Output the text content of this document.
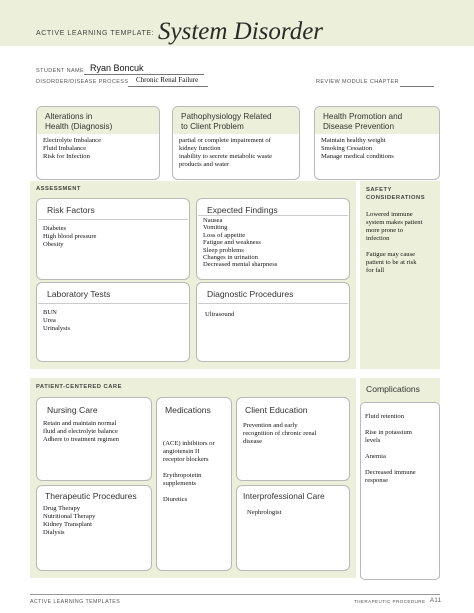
ACTIVE LEARNING TEMPLATE: System Disorder
STUDENT NAME Ryan Boncuk
DISORDER/DISEASE PROCESS Chronic Renal Failure	REVIEW MODULE CHAPTER
Alterations in
Health (Diagnosis)
Electrolyte Imbalance
Fluid Imbalance
Risk for Infection
Pathophysiology Related
to Client Problem
partial or complete impairement of
kidney function
inability to secrete metabolic waste
products and water
Health Promotion and
Disease Prevention
Maintain healthy weight
Smoking Cessation
Manage medical conditions
ASSESSMENT
Risk Factors
Diabetes
High blood pressure
Obesity
Expected Findings
Nausea
Vomiting
Loss of appetite
Fatigue and weakness
Sleep problems
Changes in urination
Decreased mental sharpness
Laboratory Tests
BUN
Urea
Urinalysis
Diagnostic Procedures
Ultrasound
SAFETY
CONSIDERATIONS
Lowered immune
system makes patient
more prone to
infection
Fatigue may cause
patient to be at risk
for fall
PATIENT-CENTERED CARE
Nursing Care
Retain and maintain normal
fluid and electrolyte balance
Adhere to treatment regimen
Medications
(ACE) inhibitors or
angiotensin II
receptor blockers
Erythropoietin
supplements
Diuretics
Client Education
Prevention and early
recognition of chronic renal
disease
Therapeutic Procedures
Drug Therapy
Nutritional Therapy
Kidney Transplant
Dialysis
Interprofessional Care
Nephrologist
Complications
Fluid retention
Rise in potassium
levels
Anemia
Decreased immune
response
ACTIVE LEARNING TEMPLATES	THERAPEUTIC PROCEDURE A11
